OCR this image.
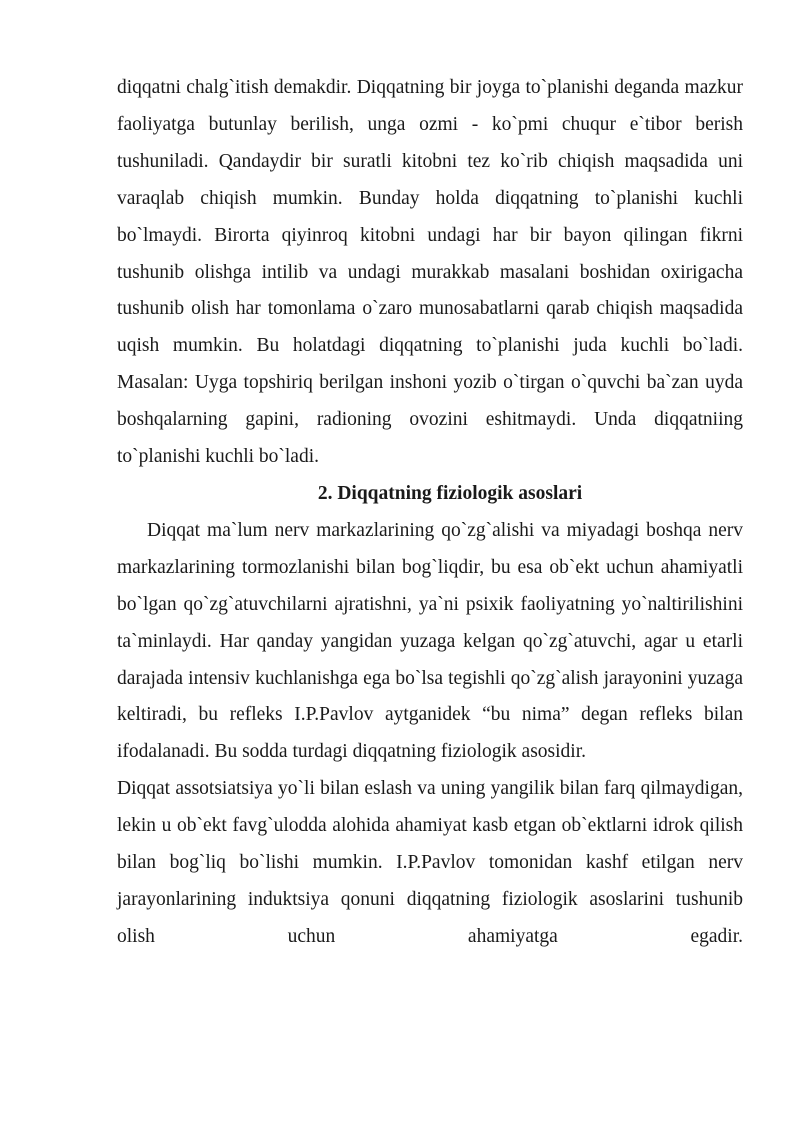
diqqatni chalg`itish demakdir. Diqqatning bir joyga to`planishi deganda mazkur faoliyatga butunlay berilish, unga ozmi - ko`pmi chuqur e`tibor berish tushuniladi. Qandaydir bir suratli kitobni tez ko`rib chiqish maqsadida uni varaqlab chiqish mumkin. Bunday holda diqqatning to`planishi kuchli bo`lmaydi. Birorta qiyinroq kitobni undagi har bir bayon qilingan fikrni tushunib olishga intilib va undagi murakkab masalani boshidan oxirigacha tushunib olish har tomonlama o`zaro munosabatlarni qarab chiqish maqsadida uqish mumkin. Bu holatdagi diqqatning to`planishi juda kuchli bo`ladi. Masalan: Uyga topshiriq berilgan inshoni yozib o`tirgan o`quvchi ba`zan uyda boshqalarning gapini, radioning ovozini eshitmaydi. Unda diqqatniing to`planishi kuchli bo`ladi.

2. Diqqatning fiziologik asoslari

Diqqat ma`lum nerv markazlarining qo`zg`alishi va miyadagi boshqa nerv markazlarining tormozlanishi bilan bog`liqdir, bu esa ob`ekt uchun ahamiyatli bo`lgan qo`zg`atuvchilarni ajratishni, ya`ni psixik faoliyatning yo`naltirilishini ta`minlaydi. Har qanday yangidan yuzaga kelgan qo`zg`atuvchi, agar u etarli darajada intensiv kuchlanishga ega bo`lsa tegishli qo`zg`alish jarayonini yuzaga keltiradi, bu refleks I.P.Pavlov aytganidek “bu nima” degan refleks bilan ifodalanadi. Bu sodda turdagi diqqatning fiziologik asosidir.

Diqqat assotsiatsiya yo`li bilan eslash va uning yangilik bilan farq qilmaydigan, lekin u ob`ekt favg`ulodda alohida ahamiyat kasb etgan ob`ektlarni idrok qilish bilan bog`liq bo`lishi mumkin. I.P.Pavlov tomonidan kashf etilgan nerv jarayonlarining induktsiya qonuni diqqatning fiziologik asoslarini tushunib olish uchun ahamiyatga egadir.
